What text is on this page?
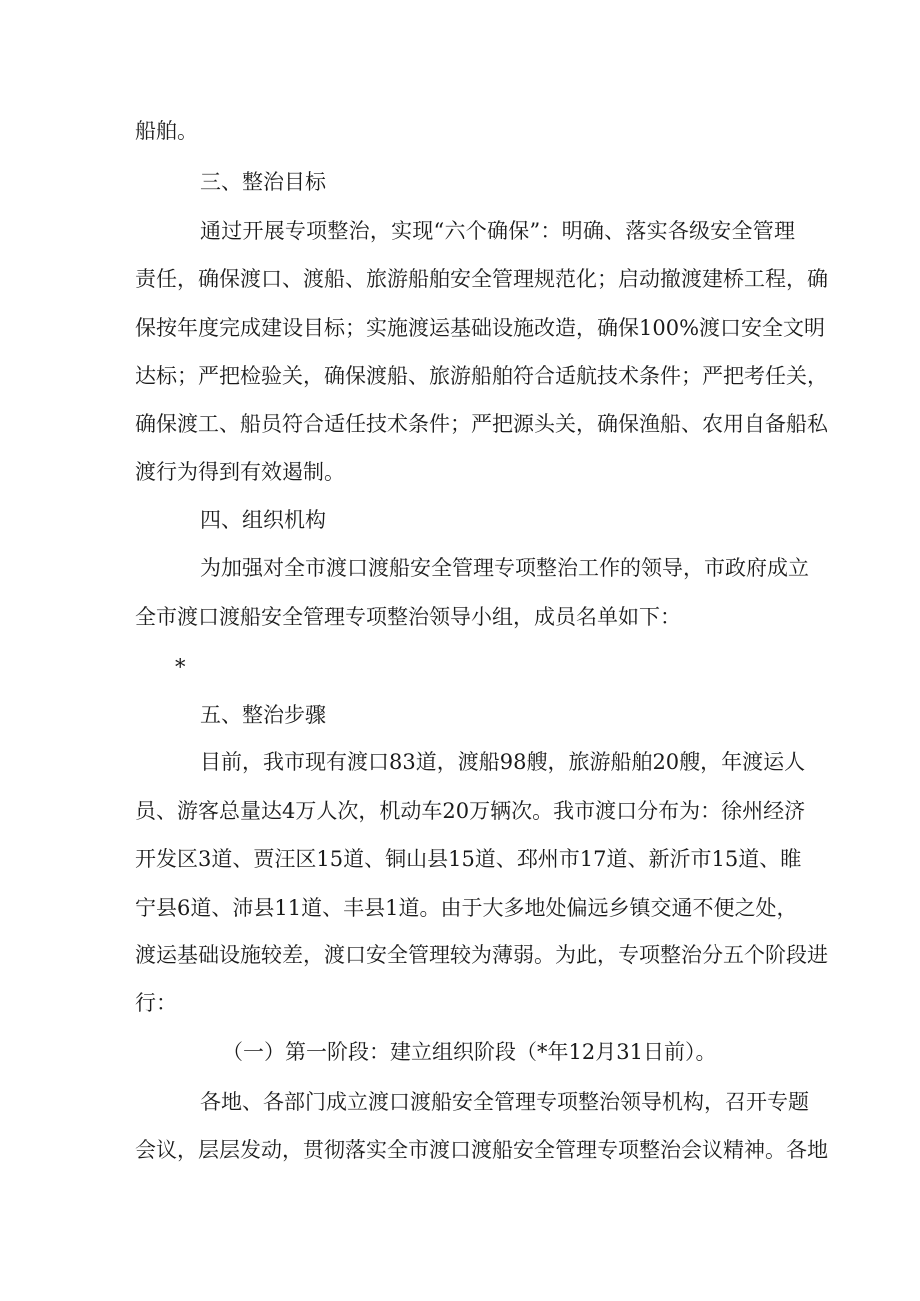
船舶。
三、整治目标
通过开展专项整治，实现“六个确保”：明确、落实各级安全管理
责任，确保渡口、渡船、旅游船舶安全管理规范化；启动撤渡建桥工程，确
保按年度完成建设目标；实施渡运基础设施改造，确保100%渡口安全文明
达标；严把检验关，确保渡船、旅游船舶符合适航技术条件；严把考任关，
确保渡工、船员符合适任技术条件；严把源头关，确保渔船、农用自备船私
渡行为得到有效遏制。
四、组织机构
为加强对全市渡口渡船安全管理专项整治工作的领导，市政府成立
全市渡口渡船安全管理专项整治领导小组，成员名单如下：
*
五、整治步骤
目前，我市现有渡口83道，渡船98艘，旅游船舶20艘，年渡运人
员、游客总量达4万人次，机动车20万辆次。我市渡口分布为：徐州经济
开发区3道、贾汪区15道、铜山县15道、邳州市17道、新沂市15道、睢
宁县6道、沛县11道、丰县1道。由于大多地处偏远乡镇交通不便之处，
渡运基础设施较差，渡口安全管理较为薄弱。为此，专项整治分五个阶段进
行：
（一）第一阶段：建立组织阶段（*年12月31日前）。
各地、各部门成立渡口渡船安全管理专项整治领导机构，召开专题
会议，层层发动，贯彻落实全市渡口渡船安全管理专项整治会议精神。各地
